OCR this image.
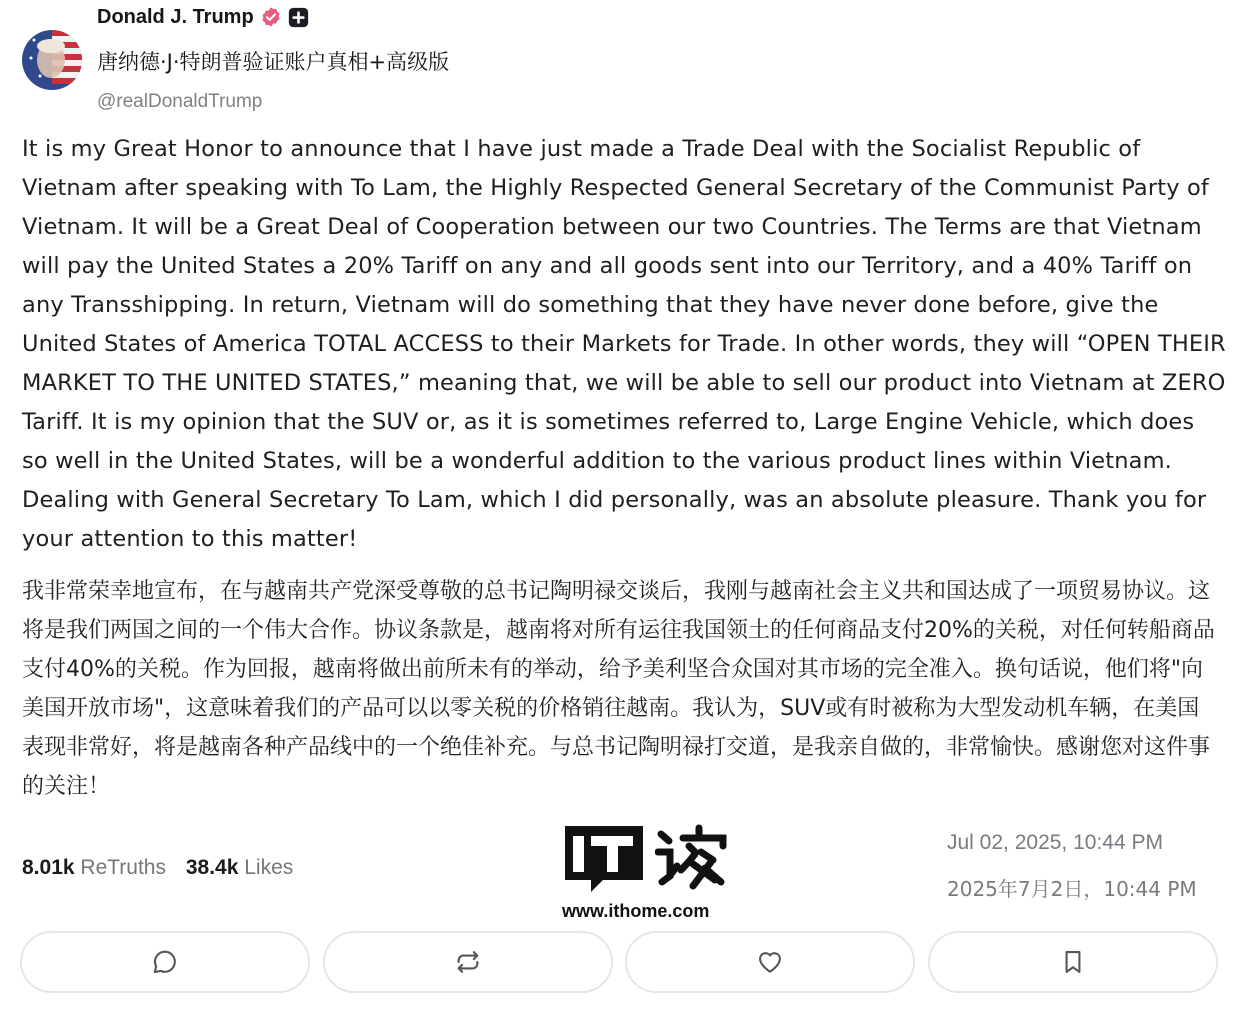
Donald J. Trump
唐纳德·J·特朗普验证账户真相+高级版
@realDonaldTrump
It is my Great Honor to announce that I have just made a Trade Deal with the Socialist Republic of Vietnam after speaking with To Lam, the Highly Respected General Secretary of the Communist Party of Vietnam. It will be a Great Deal of Cooperation between our two Countries. The Terms are that Vietnam will pay the United States a 20% Tariff on any and all goods sent into our Territory, and a 40% Tariff on any Transshipping. In return, Vietnam will do something that they have never done before, give the United States of America TOTAL ACCESS to their Markets for Trade. In other words, they will “OPEN THEIR MARKET TO THE UNITED STATES,” meaning that, we will be able to sell our product into Vietnam at ZERO Tariff. It is my opinion that the SUV or, as it is sometimes referred to, Large Engine Vehicle, which does so well in the United States, will be a wonderful addition to the various product lines within Vietnam. Dealing with General Secretary To Lam, which I did personally, was an absolute pleasure. Thank you for your attention to this matter!
我非常荣幸地宣布，在与越南共产党深受尊敬的总书记陶明禄交谈后，我刚与越南社会主义共和国达成了一项贸易协议。这将是我们两国之间的一个伟大合作。协议条款是，越南将对所有运往我国领土的任何商品支付20%的关税，对任何转船商品支付40%的关税。作为回报，越南将做出前所未有的举动，给予美利坚合众国对其市场的完全准入。换句话说，他们将"向美国开放市场"，这意味着我们的产品可以以零关税的价格销往越南。我认为，SUV或有时被称为大型发动机车辆，在美国表现非常好，将是越南各种产品线中的一个绝佳补充。与总书记陶明禄打交道，是我亲自做的，非常愉快。感谢您对这件事的关注！
8.01k ReTruths 38.4k Likes
www.ithome.com
Jul 02, 2025, 10:44 PM
2025年7月2日，10:44 PM
